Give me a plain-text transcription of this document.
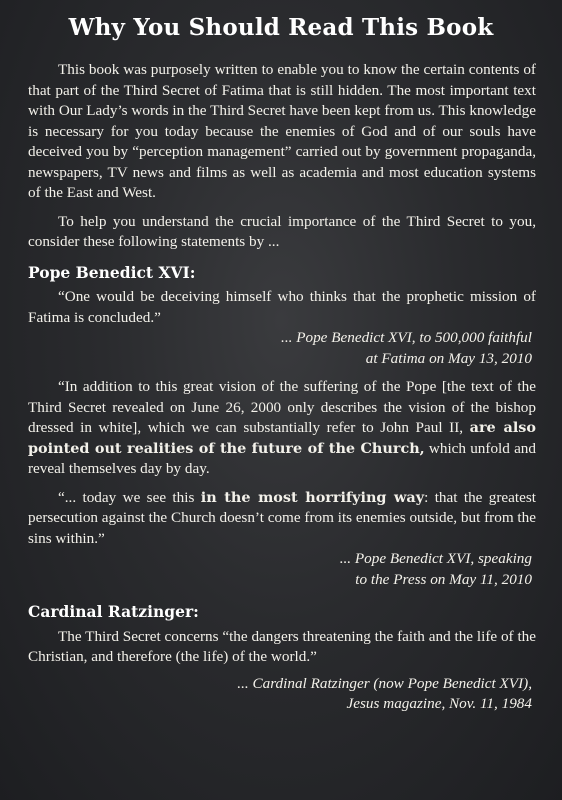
Why You Should Read This Book

This book was purposely written to enable you to know the certain contents of that part of the Third Secret of Fatima that is still hidden. The most important text with Our Lady’s words in the Third Secret have been kept from us. This knowledge is necessary for you today because the enemies of God and of our souls have deceived you by “perception management” carried out by government propaganda, newspapers, TV news and films as well as academia and most education systems of the East and West.

To help you understand the crucial importance of the Third Secret to you, consider these following statements by ...

Pope Benedict XVI:

“One would be deceiving himself who thinks that the prophetic mission of Fatima is concluded.”

... Pope Benedict XVI, to 500,000 faithful
at Fatima on May 13, 2010

“In addition to this great vision of the suffering of the Pope [the text of the Third Secret revealed on June 26, 2000 only describes the vision of the bishop dressed in white], which we can substantially refer to John Paul II, are also pointed out realities of the future of the Church, which unfold and reveal themselves day by day.

“... today we see this in the most horrifying way: that the greatest persecution against the Church doesn’t come from its enemies outside, but from the sins within.”

... Pope Benedict XVI, speaking
to the Press on May 11, 2010

Cardinal Ratzinger:

The Third Secret concerns “the dangers threatening the faith and the life of the Christian, and therefore (the life) of the world.”

... Cardinal Ratzinger (now Pope Benedict XVI),
Jesus magazine, Nov. 11, 1984
